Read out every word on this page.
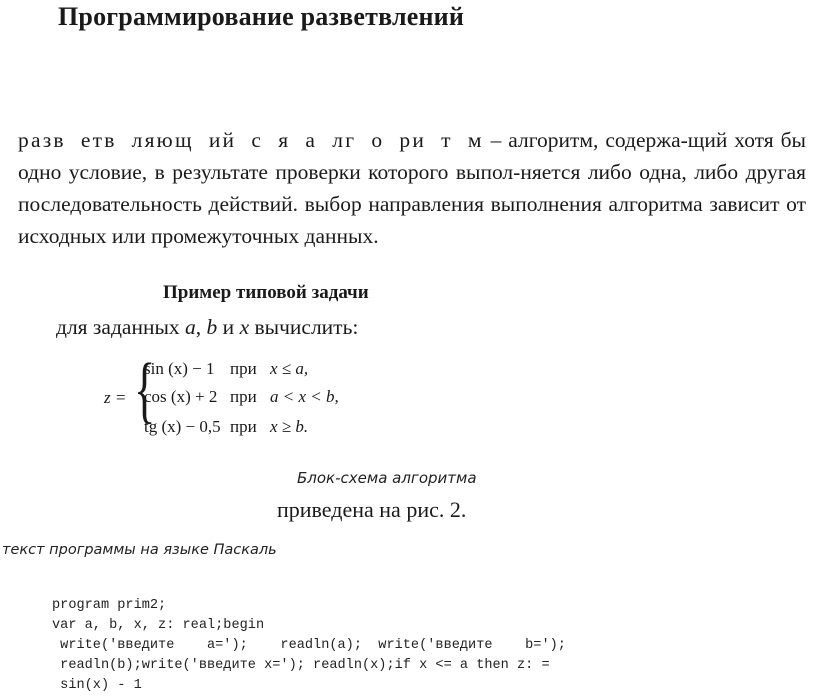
Программирование разветвлений
разв етв ляющ ий с я а лг о ри т м – алгоритм, содержа-щий хотя бы одно условие, в результате проверки которого выпол-няется либо одна, либо другая последовательность действий. выбор направления выполнения алгоритма зависит от исходных или промежуточных данных.
Пример типовой задачи
для заданных a, b и x вычислить:
z = {
sin (x) − 1 при x ≤ a,
cos (x) + 2 при a < x < b,
tg (x) − 0,5 при x ≥ b.
Блок-схема алгоритма
приведена на рис. 2.
текст программы на языке Паскаль

program prim2;
var a, b, x, z: real;begin
write('введите    a=');    readln(a);  write('введите    b=');
readln(b);write('введите x='); readln(x);if x <= a then z: =
sin(x) - 1
